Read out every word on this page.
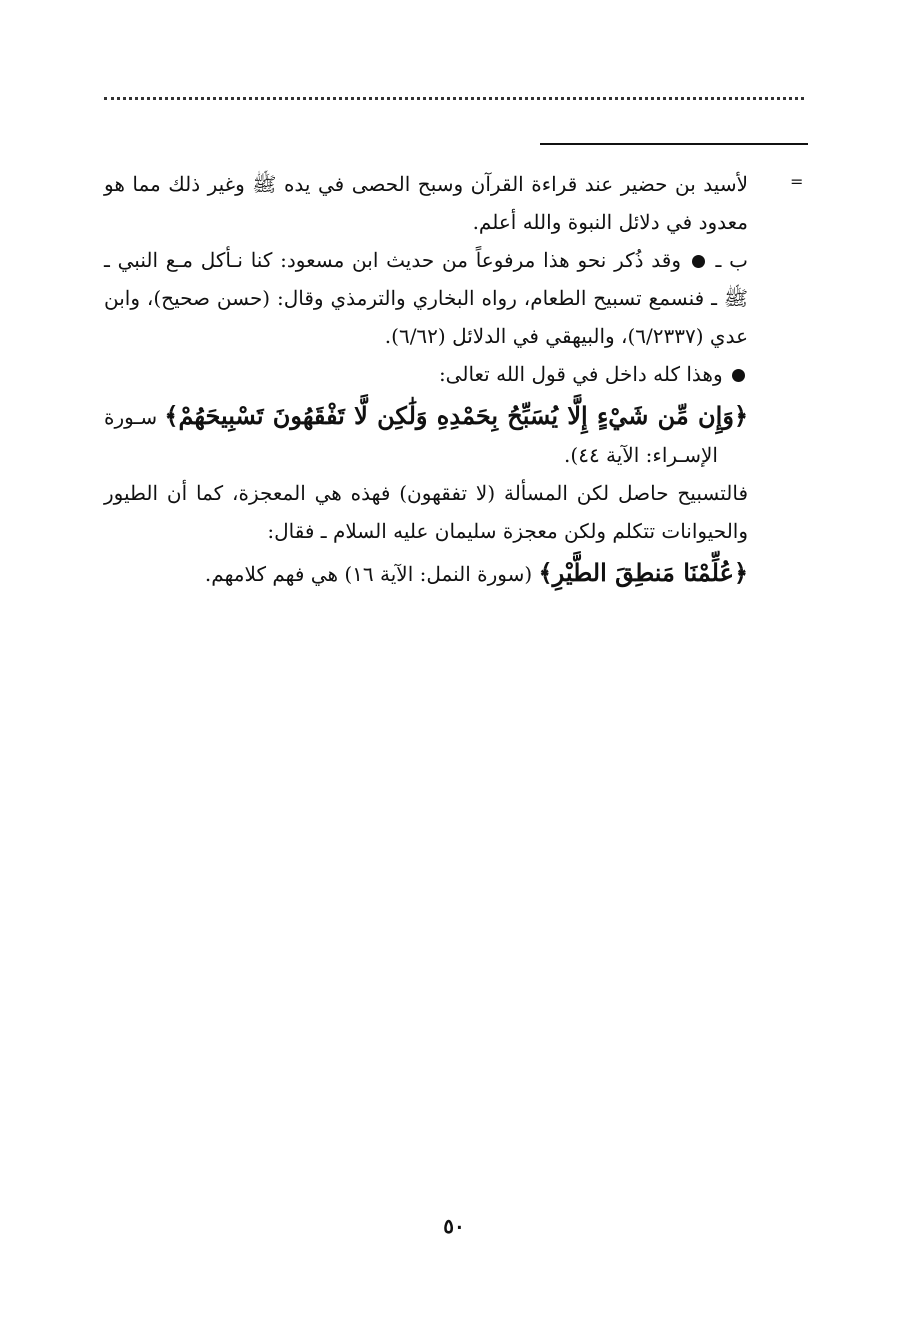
=

لأسيد بن حضير عند قراءة القرآن وسبح الحصى في يده ﷺ وغير ذلك مما هو معدود في دلائل النبوة والله أعلم.

ب ـ  وقد ذُكر نحو هذا مرفوعاً من حديث ابن مسعود: كنا نـأكل مـع النبي ـ ﷺ ـ فنسمع تسبيح الطعام، رواه البخاري والترمذي وقال: (حسن صحيح)، وابن عدي (٦/٢٣٣٧)، والبيهقي في الدلائل (٦/٦٢).

وهذا كله داخل في قول الله تعالى:

﴿وَإِن مِّن شَيْءٍ إِلَّا يُسَبِّحُ بِحَمْدِهِ وَلَٰكِن لَّا تَفْقَهُونَ تَسْبِيحَهُمْ﴾ سـورةالإسـراء: الآية ٤٤).

فالتسبيح حاصل لكن المسألة (لا تفقهون) فهذه هي المعجزة، كما أن الطيور والحيوانات تتكلم ولكن معجزة سليمان عليه السلام ـ فقال:

﴿عُلِّمْنَا مَنطِقَ الطَّيْرِ﴾ (سورة النمل: الآية ١٦) هي فهم كلامهم.

٥٠
